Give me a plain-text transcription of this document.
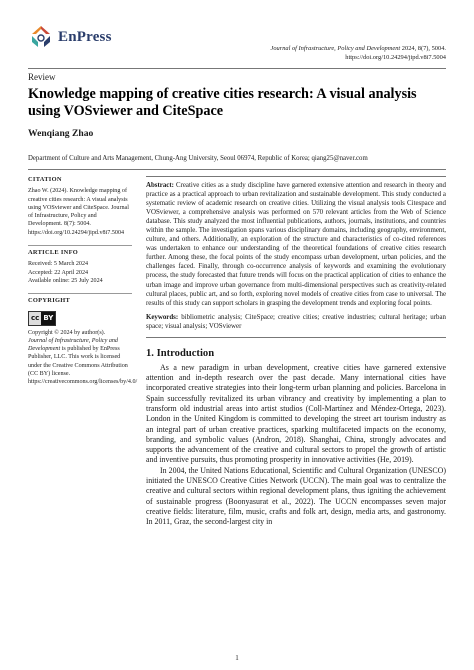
EnPress
Journal of Infrastructure, Policy and Development 2024, 8(7), 5004.
https://doi.org/10.24294/jipd.v8i7.5004
Review
Knowledge mapping of creative cities research: A visual analysis using VOSviewer and CiteSpace
Wenqiang Zhao
Department of Culture and Arts Management, Chung-Ang University, Seoul 06974, Republic of Korea; qiang25@naver.com
CITATION
Zhao W. (2024). Knowledge mapping of creative cities research: A visual analysis using VOSviewer and CiteSpace. Journal of Infrastructure, Policy and Development. 8(7): 5004. https://doi.org/10.24294/jipd.v8i7.5004
ARTICLE INFO
Received: 5 March 2024
Accepted: 22 April 2024
Available online: 25 July 2024
COPYRIGHT
cc BY
Copyright © 2024 by author(s).
Journal of Infrastructure, Policy and Development is published by EnPress Publisher, LLC. This work is licensed under the Creative Commons Attribution (CC BY) license.
https://creativecommons.org/licenses/by/4.0/
Abstract: Creative cities as a study discipline have garnered extensive attention and research in theory and practice as a practical approach to urban revitalization and sustainable development. This study conducted a systematic review of academic research on creative cities. Utilizing the visual analysis tools Citespace and VOSviewer, a comprehensive analysis was performed on 570 relevant articles from the Web of Science database. This study analyzed the most influential publications, authors, journals, institutions, and countries within the sample. The investigation spans various disciplinary domains, including geography, environment, culture, and others. Additionally, an exploration of the structure and characteristics of co-cited references was undertaken to enhance our understanding of the theoretical foundations of creative cities research further. Among these, the focal points of the study encompass urban development, urban policies, and the challenges faced. Finally, through co-occurrence analysis of keywords and examining the evolutionary process, the study forecasted that future trends will focus on the practical application of cities to enhance the urban image and improve urban governance from multi-dimensional perspectives such as creativity-related cultural places, public art, and so forth, exploring novel models of creative cities from case to universal. The results of this study can support scholars in grasping the development trends and exploring focal points.
Keywords: bibliometric analysis; CiteSpace; creative cities; creative industries; cultural heritage; urban space; visual analysis; VOSviewer
1. Introduction

As a new paradigm in urban development, creative cities have garnered extensive attention and in-depth research over the past decade. Many international cities have incorporated creative strategies into their long-term urban planning and policies. Barcelona in Spain successfully revitalized its urban vibrancy and creativity by implementing a plan to transform old industrial areas into artist studios (Coll-Martínez and Méndez-Ortega, 2023). London in the United Kingdom is committed to developing the street art tourism industry as an integral part of urban creative practices, sparking multifaceted impacts on the economy, branding, and symbolic values (Andron, 2018). Shanghai, China, strongly advocates and supports the advancement of the creative and cultural sectors to propel the growth of artistic and inventive pursuits, thus promoting prosperity in innovative activities (He, 2019).

In 2004, the United Nations Educational, Scientific and Cultural Organization (UNESCO) initiated the UNESCO Creative Cities Network (UCCN). The main goal was to centralize the creative and cultural sectors within regional development plans, thus igniting the achievement of sustainable progress (Boonyasurat et al., 2022). The UCCN encompasses seven major creative fields: literature, film, music, crafts and folk art, design, media arts, and gastronomy. In 2011, Graz, the second-largest city in

1
